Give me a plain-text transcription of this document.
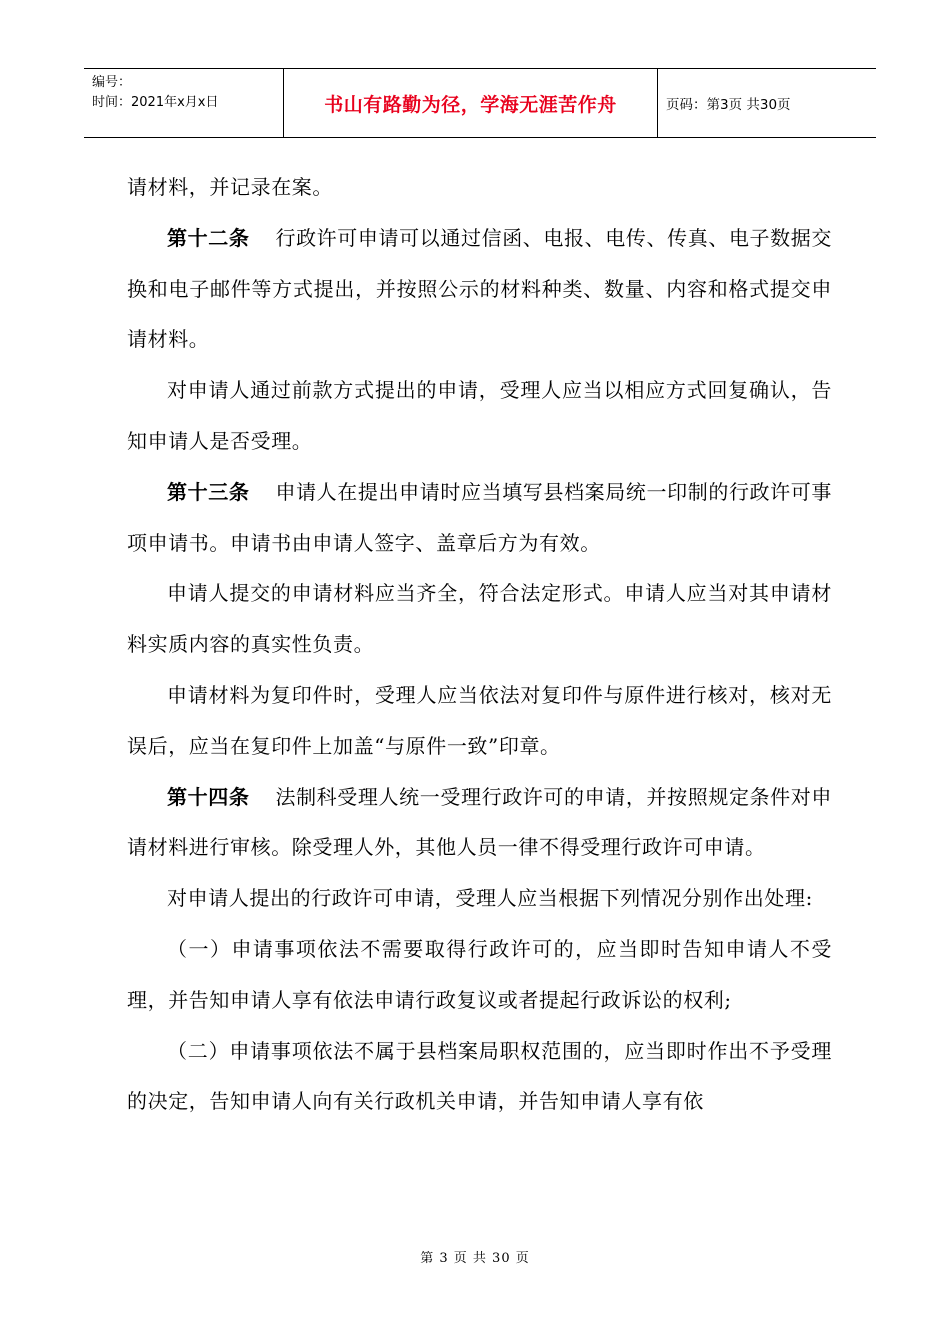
编号：
时间：2021年x月x日	书山有路勤为径，学海无涯苦作舟	页码：第3页 共30页

请材料，并记录在案。

第十二条 行政许可申请可以通过信函、电报、电传、传真、电子数据交换和电子邮件等方式提出，并按照公示的材料种类、数量、内容和格式提交申请材料。

对申请人通过前款方式提出的申请，受理人应当以相应方式回复确认，告知申请人是否受理。

第十三条 申请人在提出申请时应当填写县档案局统一印制的行政许可事项申请书。申请书由申请人签字、盖章后方为有效。

申请人提交的申请材料应当齐全，符合法定形式。申请人应当对其申请材料实质内容的真实性负责。

申请材料为复印件时，受理人应当依法对复印件与原件进行核对，核对无误后，应当在复印件上加盖“与原件一致”印章。

第十四条 法制科受理人统一受理行政许可的申请，并按照规定条件对申请材料进行审核。除受理人外，其他人员一律不得受理行政许可申请。

对申请人提出的行政许可申请，受理人应当根据下列情况分别作出处理:

（一）申请事项依法不需要取得行政许可的，应当即时告知申请人不受理，并告知申请人享有依法申请行政复议或者提起行政诉讼的权利;

（二）申请事项依法不属于县档案局职权范围的，应当即时作出不予受理的决定，告知申请人向有关行政机关申请，并告知申请人享有依

第 3 页 共 30 页
